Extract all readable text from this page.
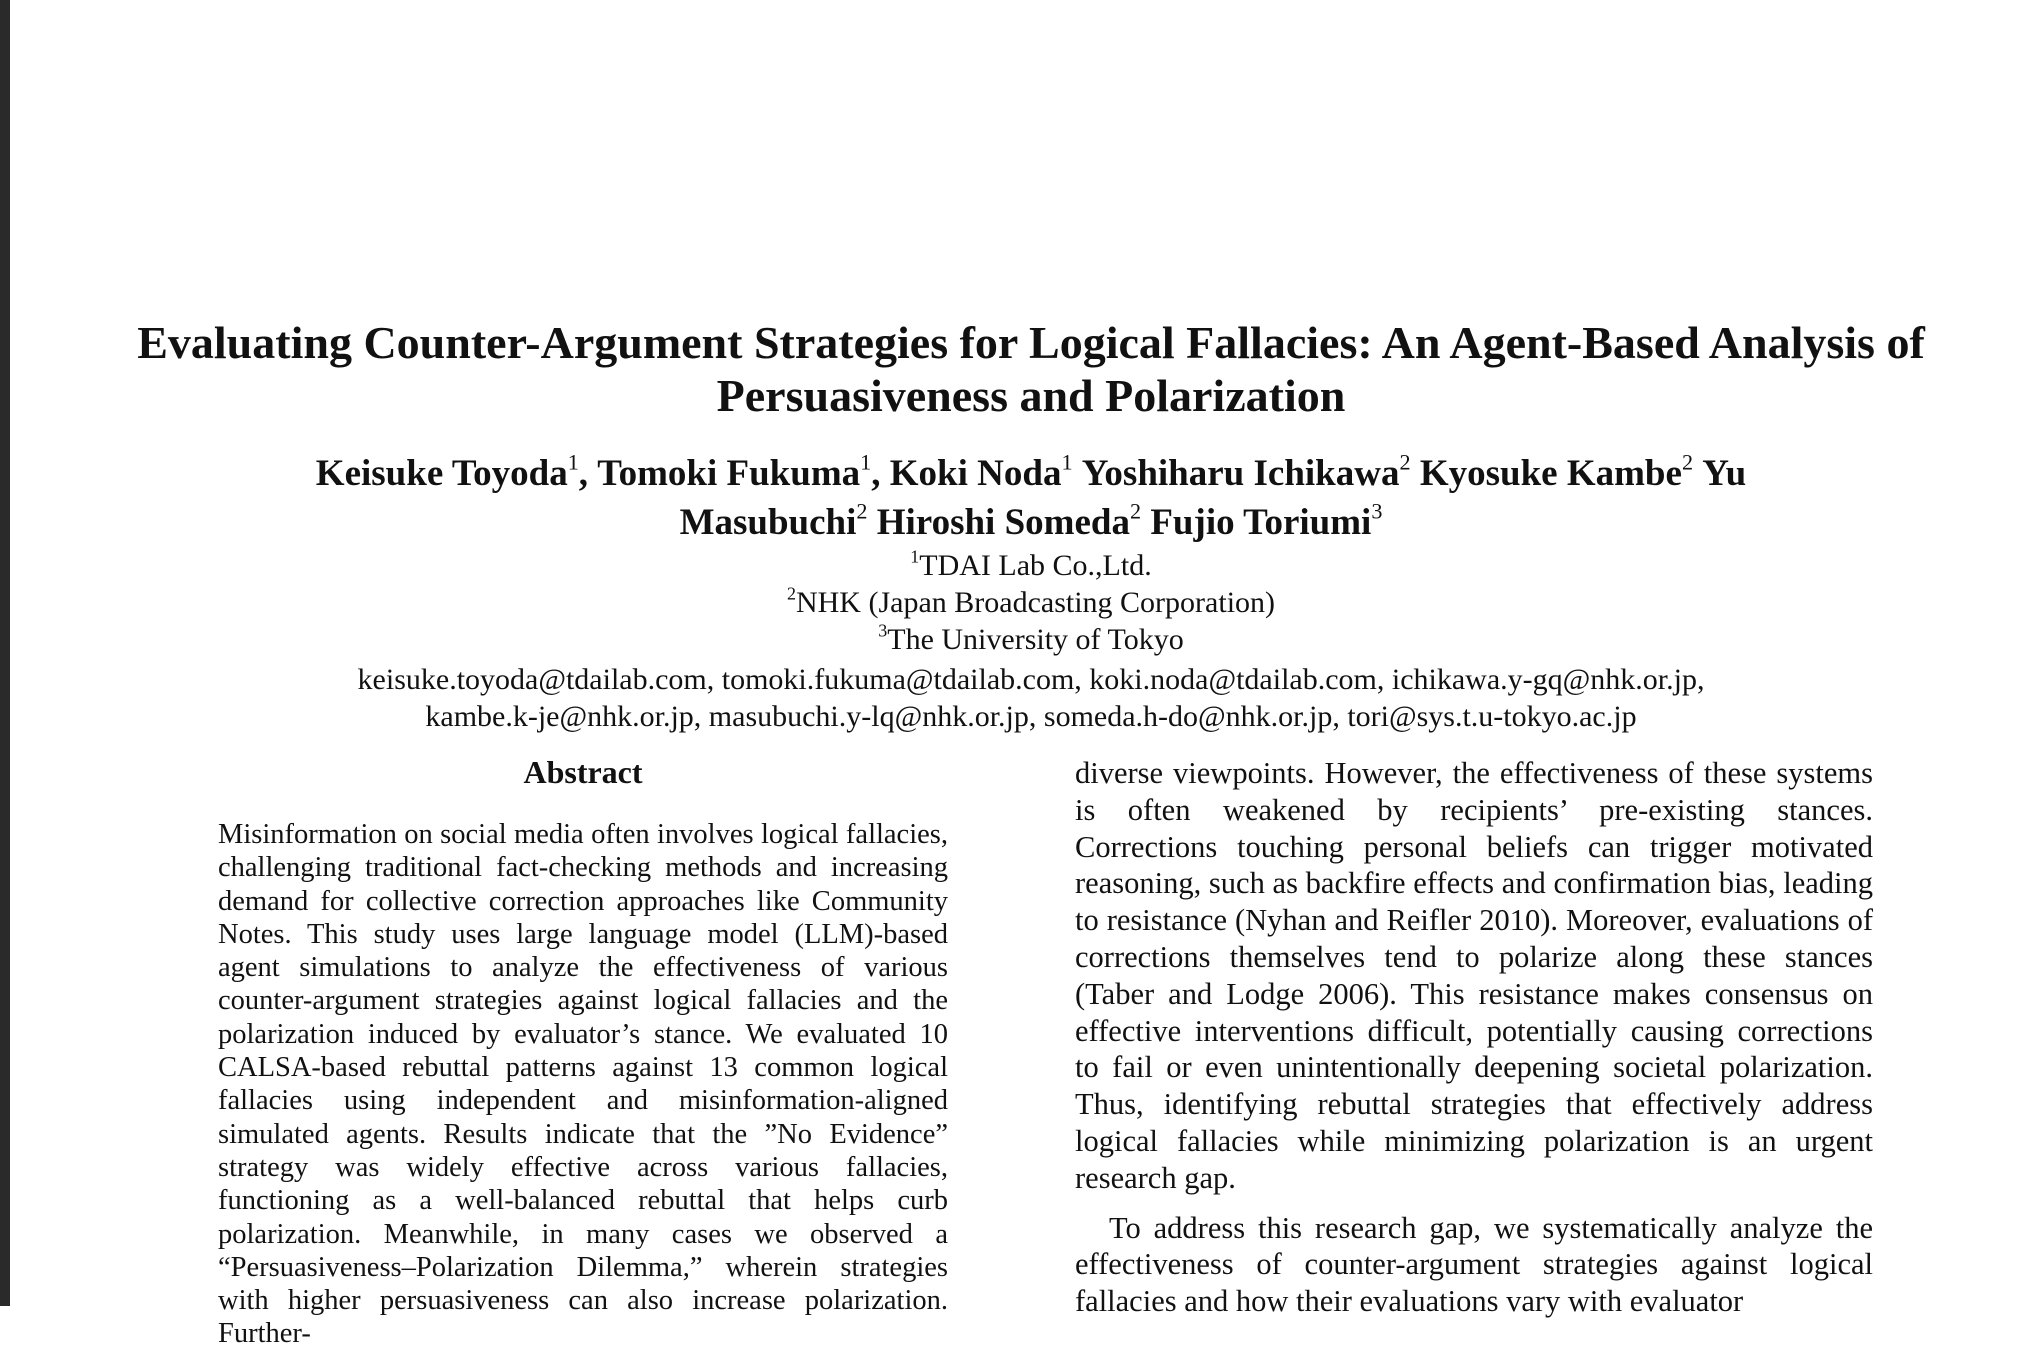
Evaluating Counter-Argument Strategies for Logical Fallacies: An Agent-Based Analysis of Persuasiveness and Polarization
Keisuke Toyoda$^1$, Tomoki Fukuma$^1$, Koki Noda$^1$ Yoshiharu Ichikawa$^2$ Kyosuke Kambe$^2$ Yu
Masubuchi$^2$ Hiroshi Someda$^2$ Fujio Toriumi$^3$
$^1$TDAI Lab Co.,Ltd.
$^2$NHK (Japan Broadcasting Corporation)
$^3$The University of Tokyo
keisuke.toyoda@tdailab.com, tomoki.fukuma@tdailab.com, koki.noda@tdailab.com, ichikawa.y-gq@nhk.or.jp,
kambe.k-je@nhk.or.jp, masubuchi.y-lq@nhk.or.jp, someda.h-do@nhk.or.jp, tori@sys.t.u-tokyo.ac.jp
Abstract

Misinformation on social media often involves logical fallacies, challenging traditional fact-checking methods and increasing demand for collective correction approaches like Community Notes. This study uses large language model (LLM)-based agent simulations to analyze the effectiveness of various counter-argument strategies against logical fallacies and the polarization induced by evaluator’s stance. We evaluated 10 CALSA-based rebuttal patterns against 13 common logical fallacies using independent and misinformation-aligned simulated agents. Results indicate that the ”No Evidence” strategy was widely effective across various fallacies, functioning as a well-balanced rebuttal that helps curb polarization. Meanwhile, in many cases we observed a “Persuasiveness–Polarization Dilemma,” wherein strategies with higher persuasiveness can also increase polarization. Further-

diverse viewpoints. However, the effectiveness of these systems is often weakened by recipients’ pre-existing stances. Corrections touching personal beliefs can trigger motivated reasoning, such as backfire effects and confirmation bias, leading to resistance (Nyhan and Reifler 2010). Moreover, evaluations of corrections themselves tend to polarize along these stances (Taber and Lodge 2006). This resistance makes consensus on effective interventions difficult, potentially causing corrections to fail or even unintentionally deepening societal polarization. Thus, identifying rebuttal strategies that effectively address logical fallacies while minimizing polarization is an urgent research gap.

To address this research gap, we systematically analyze the effectiveness of counter-argument strategies against logical fallacies and how their evaluations vary with evaluator
